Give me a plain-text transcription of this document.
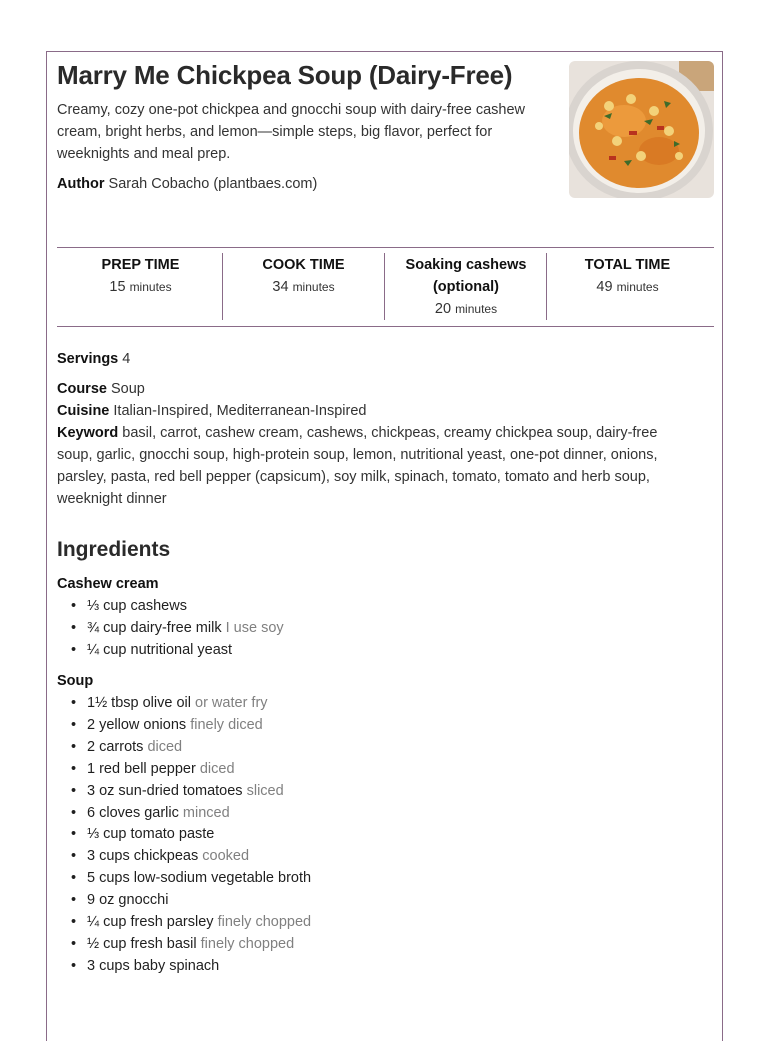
Marry Me Chickpea Soup (Dairy-Free)
Creamy, cozy one-pot chickpea and gnocchi soup with dairy-free cashew cream, bright herbs, and lemon—simple steps, big flavor, perfect for weeknights and meal prep.
Author Sarah Cobacho (plantbaes.com)
PREP TIME
15 minutes
COOK TIME
34 minutes
Soaking cashews (optional)
20 minutes
TOTAL TIME
49 minutes
Servings 4
Course Soup
Cuisine Italian-Inspired, Mediterranean-Inspired
Keyword basil, carrot, cashew cream, cashews, chickpeas, creamy chickpea soup, dairy-free soup, garlic, gnocchi soup, high-protein soup, lemon, nutritional yeast, one-pot dinner, onions, parsley, pasta, red bell pepper (capsicum), soy milk, spinach, tomato, tomato and herb soup, weeknight dinner
Ingredients
Cashew cream
• ⅓ cup cashews
• ¾ cup dairy-free milk I use soy
• ¼ cup nutritional yeast
Soup
• 1½ tbsp olive oil or water fry
• 2 yellow onions finely diced
• 2 carrots diced
• 1 red bell pepper diced
• 3 oz sun-dried tomatoes sliced
• 6 cloves garlic minced
• ⅓ cup tomato paste
• 3 cups chickpeas cooked
• 5 cups low-sodium vegetable broth
• 9 oz gnocchi
• ¼ cup fresh parsley finely chopped
• ½ cup fresh basil finely chopped
• 3 cups baby spinach
